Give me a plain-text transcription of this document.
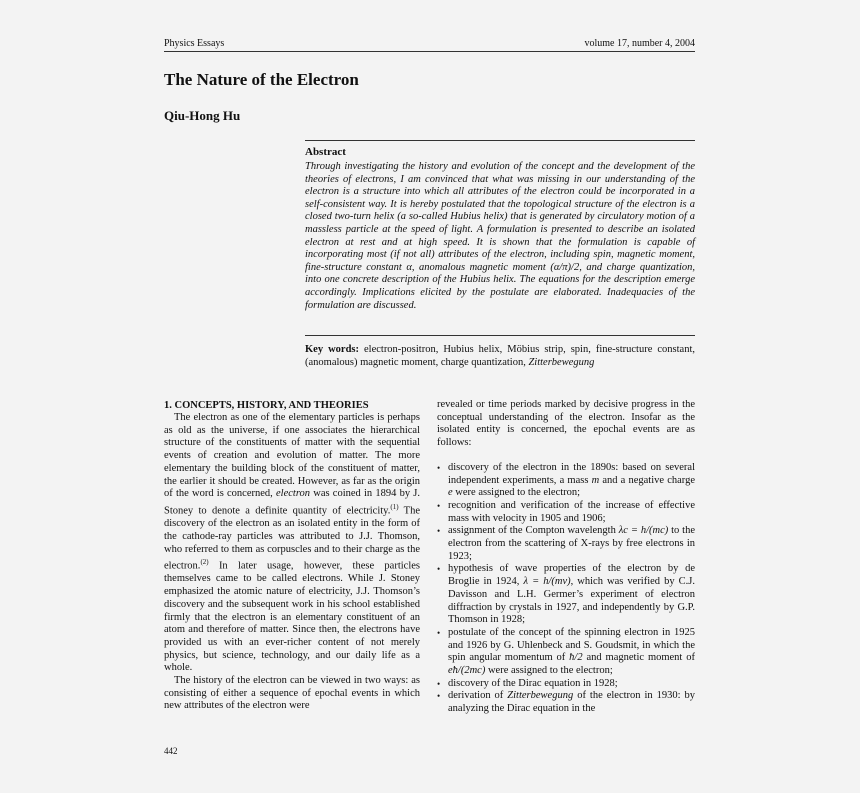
Physics Essays	volume 17, number 4, 2004
The Nature of the Electron
Qiu-Hong Hu
Abstract

Through investigating the history and evolution of the concept and the development of the theories of electrons, I am convinced that what was missing in our understanding of the electron is a structure into which all attributes of the electron could be incorporated in a self-consistent way. It is hereby postulated that the topological structure of the electron is a closed two-turn helix (a so-called Hubius helix) that is generated by circulatory motion of a massless particle at the speed of light. A formulation is presented to describe an isolated electron at rest and at high speed. It is shown that the formulation is capable of incorporating most (if not all) attributes of the electron, including spin, magnetic moment, fine-structure constant α, anomalous magnetic moment (α/π)/2, and charge quantization, into one concrete description of the Hubius helix. The equations for the description emerge accordingly. Implications elicited by the postulate are elaborated. Inadequacies of the formulation are discussed.

Key words: electron-positron, Hubius helix, Möbius strip, spin, fine-structure constant, (anomalous) magnetic moment, charge quantization, Zitterbewegung

1. CONCEPTS, HISTORY, AND THEORIES

The electron as one of the elementary particles is perhaps as old as the universe, if one associates the hierarchical structure of the constituents of matter with the sequential events of creation and evolution of matter. The more elementary the building block of the constituent of matter, the earlier it should be created. However, as far as the origin of the word is concerned, electron was coined in 1894 by J. Stoney to denote a definite quantity of electricity.$^{(1)}$ The discovery of the electron as an isolated entity in the form of the cathode-ray particles was attributed to J.J. Thomson, who referred to them as corpuscles and to their charge as the electron.$^{(2)}$ In later usage, however, these particles themselves came to be called electrons. While J. Stoney emphasized the atomic nature of electricity, J.J. Thomson’s discovery and the subsequent work in his school established firmly that the electron is an elementary constituent of an atom and therefore of matter. Since then, the electrons have provided us with an ever-richer content of not merely physics, but science, technology, and our daily life as a whole.

The history of the electron can be viewed in two ways: as consisting of either a sequence of epochal events in which new attributes of the electron were

revealed or time periods marked by decisive progress in the conceptual understanding of the electron. Insofar as the isolated entity is concerned, the epochal events are as follows:

• discovery of the electron in the 1890s: based on several independent experiments, a mass m and a negative charge e were assigned to the electron;
• recognition and verification of the increase of effective mass with velocity in 1905 and 1906;
• assignment of the Compton wavelength λc = h/(mc) to the electron from the scattering of X-rays by free electrons in 1923;
• hypothesis of wave properties of the electron by de Broglie in 1924, λ = h/(mv), which was verified by C.J. Davisson and L.H. Germer’s experiment of electron diffraction by crystals in 1927, and independently by G.P. Thomson in 1928;
• postulate of the concept of the spinning electron in 1925 and 1926 by G. Uhlenbeck and S. Goudsmit, in which the spin angular momentum of ħ/2 and magnetic moment of eħ/(2mc) were assigned to the electron;
• discovery of the Dirac equation in 1928;
• derivation of Zitterbewegung of the electron in 1930: by analyzing the Dirac equation in the
442
